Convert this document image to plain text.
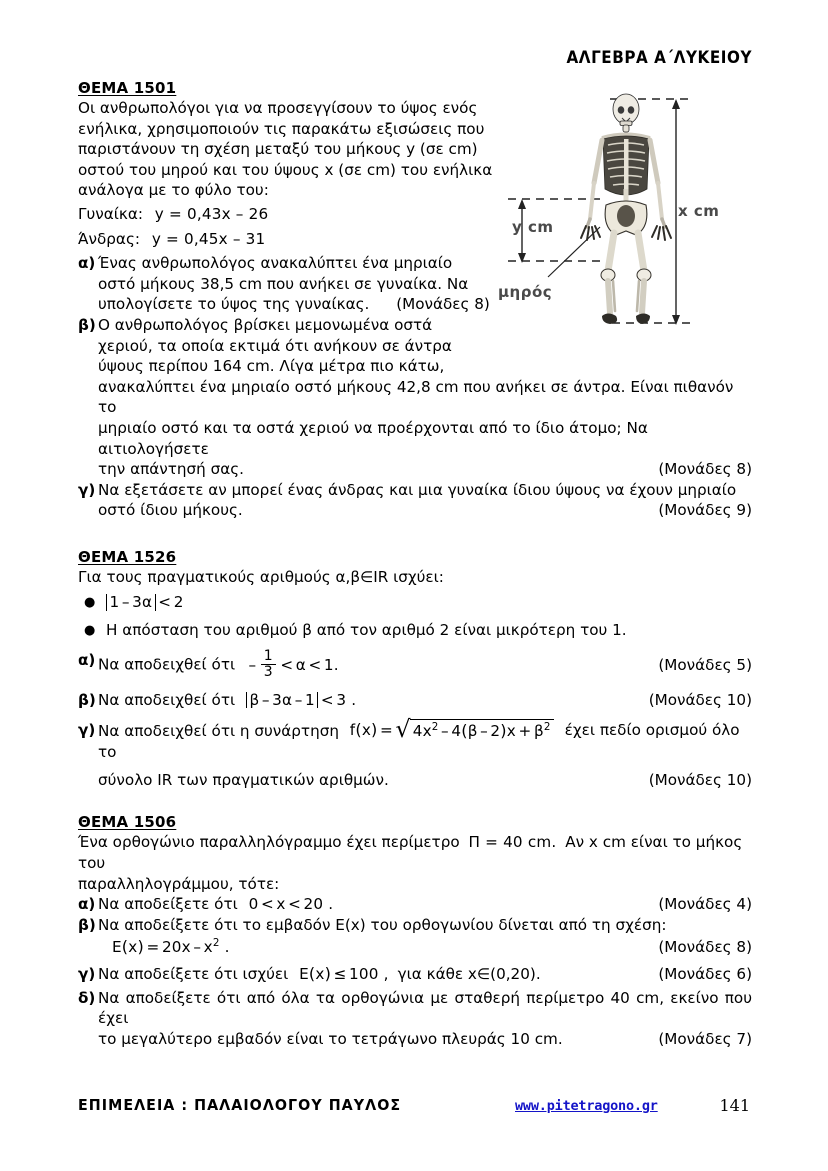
ΑΛΓΕΒΡΑ Α΄ΛΥΚΕΙΟΥ
x cm
y cm
μηρός
ΘΕΜΑ 1501
Οι ανθρωπολόγοι για να προσεγγίσουν το ύψος ενός
ενήλικα, χρησιμοποιούν τις παρακάτω εξισώσεις που
παριστάνουν τη σχέση μεταξύ του μήκους y (σε cm)
οστού του μηρού και του ύψους x (σε cm) του ενήλικα
ανάλογα με το φύλο του:
Γυναίκα: y = 0,43x – 26
Άνδρας: y = 0,45x – 31
α) Ένας ανθρωπολόγος ανακαλύπτει ένα μηριαίο
οστό μήκους 38,5 cm που ανήκει σε γυναίκα. Να
υπολογίσετε το ύψος της γυναίκας. (Μονάδες 8)
β) Ο ανθρωπολόγος βρίσκει μεμονωμένα οστά
χεριού, τα οποία εκτιμά ότι ανήκουν σε άντρα
ύψους περίπου 164 cm. Λίγα μέτρα πιο κάτω,
ανακαλύπτει ένα μηριαίο οστό μήκους 42,8 cm που ανήκει σε άντρα. Είναι πιθανόν το
μηριαίο οστό και τα οστά χεριού να προέρχονται από το ίδιο άτομο; Να αιτιολογήσετε
την απάντησή σας.	(Μονάδες 8)
γ) Να εξετάσετε αν μπορεί ένας άνδρας και μια γυναίκα ίδιου ύψους να έχουν μηριαίο
οστό ίδιου μήκους.	(Μονάδες 9)
ΘΕΜΑ 1526
Για τους πραγματικούς αριθμούς α,β∈IR ισχύει:
● 1 – 3α < 2
● Η απόσταση του αριθμού β από τον αριθμό 2 είναι μικρότερη του 1.
α) Να αποδειχθεί $ό\tau\iota - \frac{1}{3} < \alpha < 1$.	(Μονάδες 5)
β) Να αποδειχθεί ότι β – 3α – 1 < 3 .	(Μονάδες 10)
γ) Να αποδειχθεί ότι η συνάρτηση f(x) = √ $4x^2 - 4(\beta - 2)x + \beta^2$ έχει πεδίο ορισμού όλο το
σύνολο ΙR των πραγματικών αριθμών.	(Μονάδες 10)
ΘΕΜΑ 1506
Ένα ορθογώνιο παραλληλόγραμμο έχει περίμετρο Π = 40 cm. Αν x cm είναι το μήκος του
παραλληλογράμμου, τότε:
α) Να αποδείξετε ότι 0 < x < 20 .	(Μονάδες 4)
β) Να αποδείξετε ότι το εμβαδόν Ε(x) του ορθογωνίου δίνεται από τη σχέση:
$E(x) = 20x - x^2$ .	(Μονάδες 8)
γ) Να αποδείξετε ότι ισχύει Ε(x) ≤ 100 , για κάθε x∈(0,20).	(Μονάδες 6)
δ) Να αποδείξετε ότι από όλα τα ορθογώνια με σταθερή περίμετρο 40 cm, εκείνο που έχει
το μεγαλύτερο εμβαδόν είναι το τετράγωνο πλευράς 10 cm.	(Μονάδες 7)
ΕΠΙΜΕΛΕΙΑ : ΠΑΛΑΙΟΛΟΓΟΥ ΠΑΥΛΟΣ	www.pitetragono.gr	141
